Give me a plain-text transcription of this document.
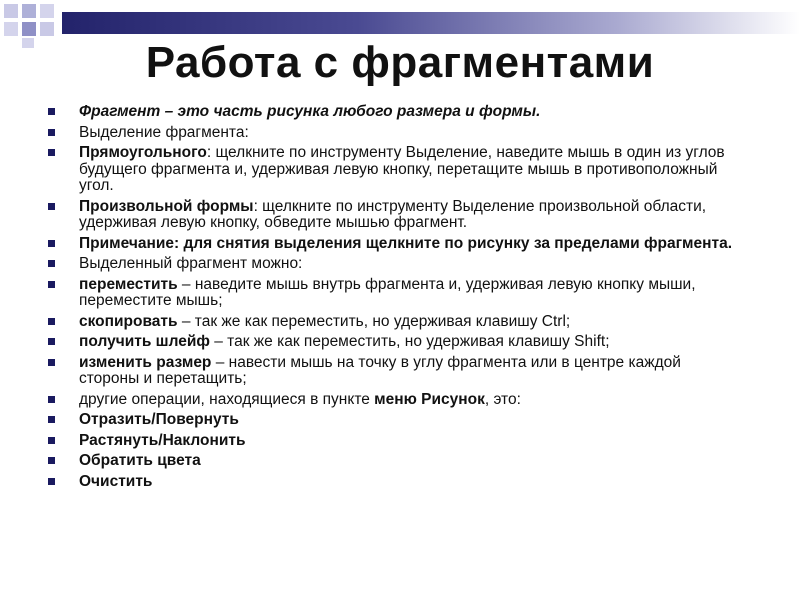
Работа с фрагментами
Фрагмент – это часть рисунка любого размера и формы.
Выделение фрагмента:
Прямоугольного: щелкните по инструменту Выделение, наведите мышь в один из углов будущего фрагмента и, удерживая левую кнопку, перетащите мышь в противоположный угол.
Произвольной формы: щелкните по инструменту Выделение произвольной области, удерживая левую кнопку, обведите мышью фрагмент.
Примечание: для снятия выделения щелкните по рисунку за пределами фрагмента.
Выделенный фрагмент можно:
переместить – наведите мышь внутрь фрагмента и, удерживая левую кнопку мыши, переместите мышь;
скопировать – так же как переместить, но удерживая клавишу Ctrl;
получить шлейф – так же как переместить, но удерживая клавишу Shift;
изменить размер – навести мышь на точку в углу фрагмента или в центре каждой стороны и перетащить;
другие операции, находящиеся в пункте меню Рисунок, это:
Отразить/Повернуть
Растянуть/Наклонить
Обратить цвета
Очистить
